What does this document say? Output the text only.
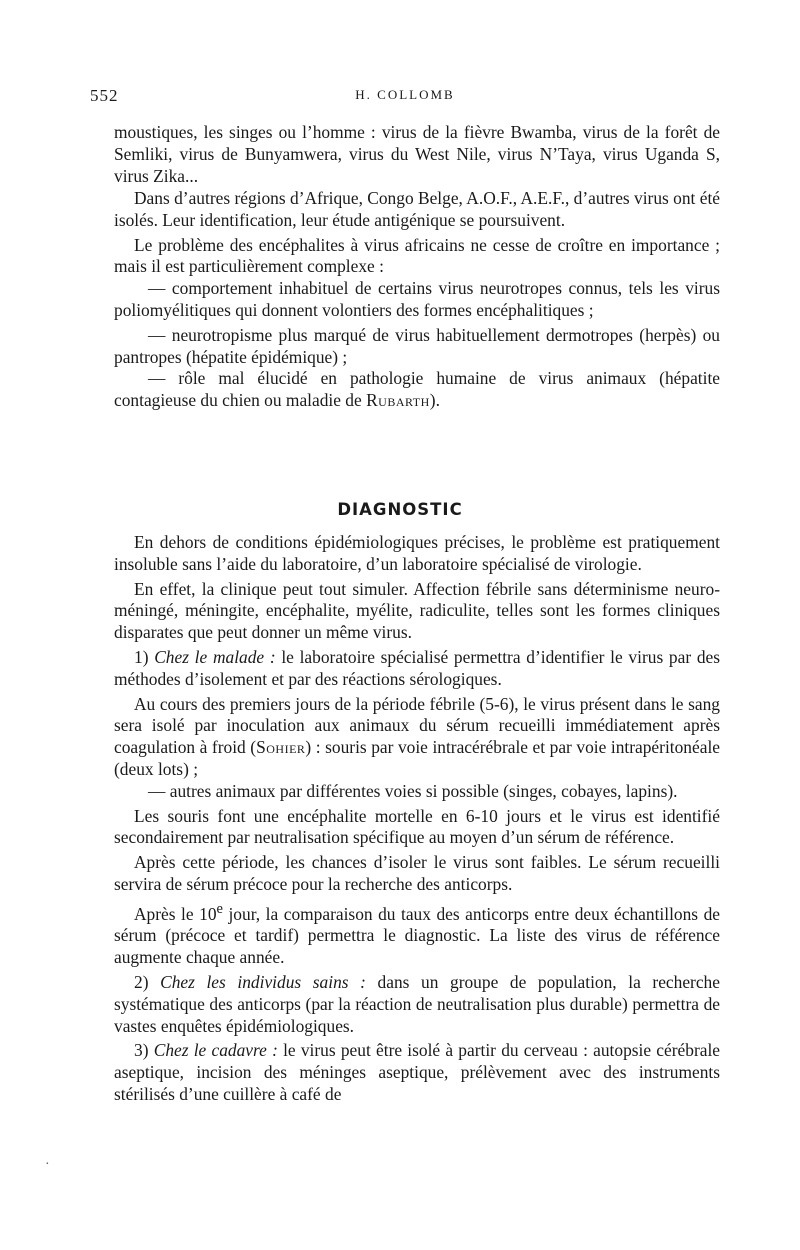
552	H. COLLOMB

moustiques, les singes ou l’homme : virus de la fièvre Bwamba, virus de la forêt de Semliki, virus de Bunyamwera, virus du West Nile, virus N’Taya, virus Uganda S, virus Zika...

Dans d’autres régions d’Afrique, Congo Belge, A.O.F., A.E.F., d’autres virus ont été isolés. Leur identification, leur étude antigénique se poursuivent.

Le problème des encéphalites à virus africains ne cesse de croître en importance ; mais il est particulièrement complexe :

— comportement inhabituel de certains virus neurotropes connus, tels les virus poliomyélitiques qui donnent volontiers des formes encéphalitiques ;

— neurotropisme plus marqué de virus habituellement dermotropes (herpès) ou pantropes (hépatite épidémique) ;

— rôle mal élucidé en pathologie humaine de virus animaux (hépatite contagieuse du chien ou maladie de Rubarth).

DIAGNOSTIC

En dehors de conditions épidémiologiques précises, le problème est pratiquement insoluble sans l’aide du laboratoire, d’un laboratoire spécialisé de virologie.

En effet, la clinique peut tout simuler. Affection fébrile sans déterminisme neuro-méningé, méningite, encéphalite, myélite, radiculite, telles sont les formes cliniques disparates que peut donner un même virus.

1) Chez le malade : le laboratoire spécialisé permettra d’identifier le virus par des méthodes d’isolement et par des réactions sérologiques.

Au cours des premiers jours de la période fébrile (5-6), le virus présent dans le sang sera isolé par inoculation aux animaux du sérum recueilli immédiatement après coagulation à froid (Sohier) : souris par voie intracérébrale et par voie intrapéritonéale (deux lots) ;

— autres animaux par différentes voies si possible (singes, cobayes, lapins).

Les souris font une encéphalite mortelle en 6-10 jours et le virus est identifié secondairement par neutralisation spécifique au moyen d’un sérum de référence.

Après cette période, les chances d’isoler le virus sont faibles. Le sérum recueilli servira de sérum précoce pour la recherche des anticorps.

Après le 10e jour, la comparaison du taux des anticorps entre deux échantillons de sérum (précoce et tardif) permettra le diagnostic. La liste des virus de référence augmente chaque année.

2) Chez les individus sains : dans un groupe de population, la recherche systématique des anticorps (par la réaction de neutralisation plus durable) permettra de vastes enquêtes épidémiologiques.

3) Chez le cadavre : le virus peut être isolé à partir du cerveau : autopsie cérébrale aseptique, incision des méninges aseptique, prélèvement avec des instruments stérilisés d’une cuillère à café de

·
